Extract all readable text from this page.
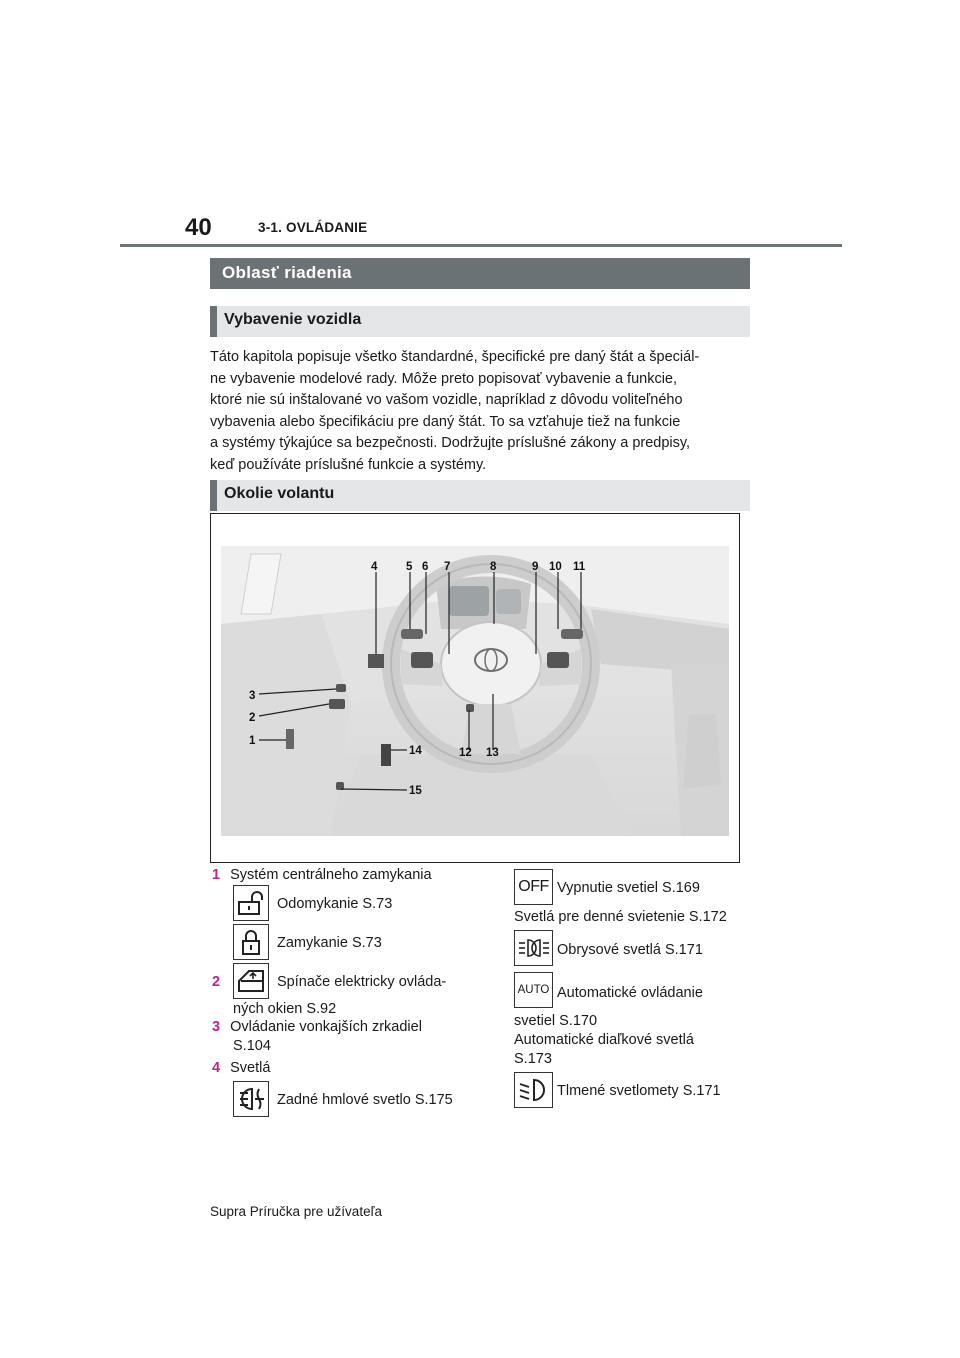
40	3-1. OVLÁDANIE
Oblasť riadenia
Vybavenie vozidla
Táto kapitola popisuje všetko štandardné, špecifické pre daný štát a špeciál-
ne vybavenie modelové rady. Môže preto popisovať vybavenie a funkcie,
ktoré nie sú inštalované vo vašom vozidle, napríklad z dôvodu voliteľného
vybavenia alebo špecifikáciu pre daný štát. To sa vzťahuje tiež na funkcie
a systémy týkajúce sa bezpečnosti. Dodržujte príslušné zákony a predpisy,
keď používáte príslušné funkcie a systémy.
Okolie volantu
4 5 6 7	8	9 10 11
3
2
1
14	12 13
15
1 Systém centrálneho zamykania
Odomykanie S.73
Zamykanie S.73
2	Spínače elektricky ovláda-
ných okien S.92
3 Ovládanie vonkajších zrkadiel
S.104
4 Svetlá
Zadné hmlové svetlo S.175
OFF Vypnutie svetiel S.169
Svetlá pre denné svietenie S.172
Obrysové svetlá S.171
AUTO Automatické ovládanie
svetiel S.170
Automatické diaľkové svetlá
S.173
Tlmené svetlomety S.171
Supra Príručka pre užívateľa
